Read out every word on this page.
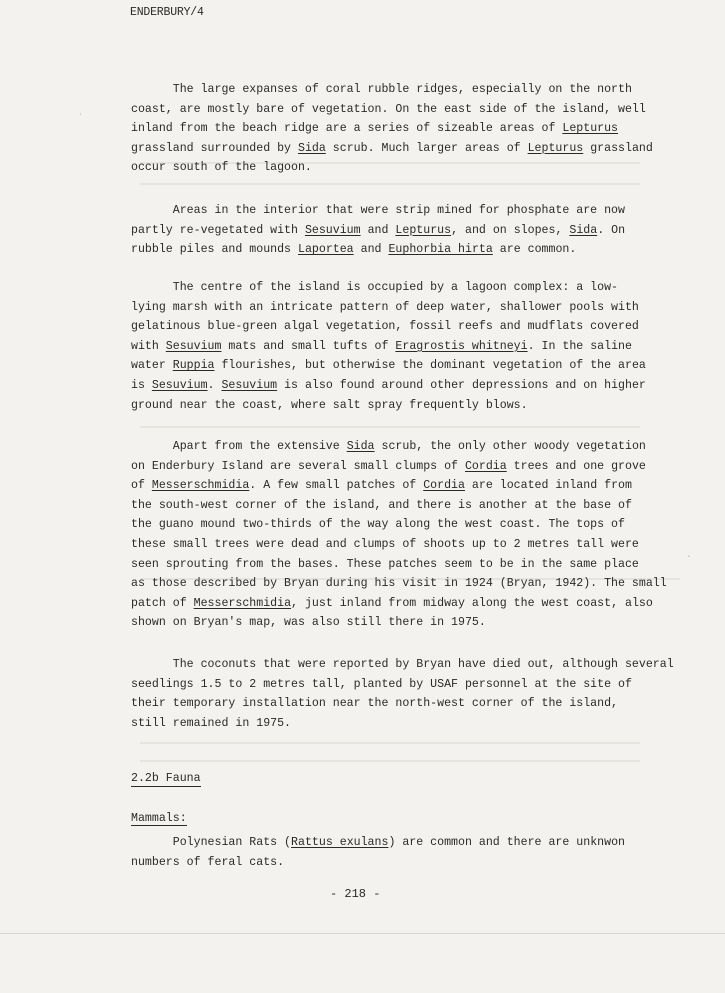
ENDERBURY/4
The large expanses of coral rubble ridges, especially on the north
coast, are mostly bare of vegetation. On the east side of the island, well
inland from the beach ridge are a series of sizeable areas of Lepturus
grassland surrounded by Sida scrub. Much larger areas of Lepturus grassland
occur south of the lagoon.
Areas in the interior that were strip mined for phosphate are now
partly re-vegetated with Sesuvium and Lepturus, and on slopes, Sida. On
rubble piles and mounds Laportea and Euphorbia hirta are common.
The centre of the island is occupied by a lagoon complex: a low-
lying marsh with an intricate pattern of deep water, shallower pools with
gelatinous blue-green algal vegetation, fossil reefs and mudflats covered
with Sesuvium mats and small tufts of Eragrostis whitneyi. In the saline
water Ruppia flourishes, but otherwise the dominant vegetation of the area
is Sesuvium. Sesuvium is also found around other depressions and on higher
ground near the coast, where salt spray frequently blows.
Apart from the extensive Sida scrub, the only other woody vegetation
on Enderbury Island are several small clumps of Cordia trees and one grove
of Messerschmidia. A few small patches of Cordia are located inland from
the south-west corner of the island, and there is another at the base of
the guano mound two-thirds of the way along the west coast. The tops of
these small trees were dead and clumps of shoots up to 2 metres tall were
seen sprouting from the bases. These patches seem to be in the same place
as those described by Bryan during his visit in 1924 (Bryan, 1942). The small
patch of Messerschmidia, just inland from midway along the west coast, also
shown on Bryan's map, was also still there in 1975.
The coconuts that were reported by Bryan have died out, although several
seedlings 1.5 to 2 metres tall, planted by USAF personnel at the site of
their temporary installation near the north-west corner of the island,
still remained in 1975.
2.2b Fauna
Mammals:
Polynesian Rats (Rattus exulans) are common and there are unknwon
numbers of feral cats.
- 218 -
ˈ
ˎ
